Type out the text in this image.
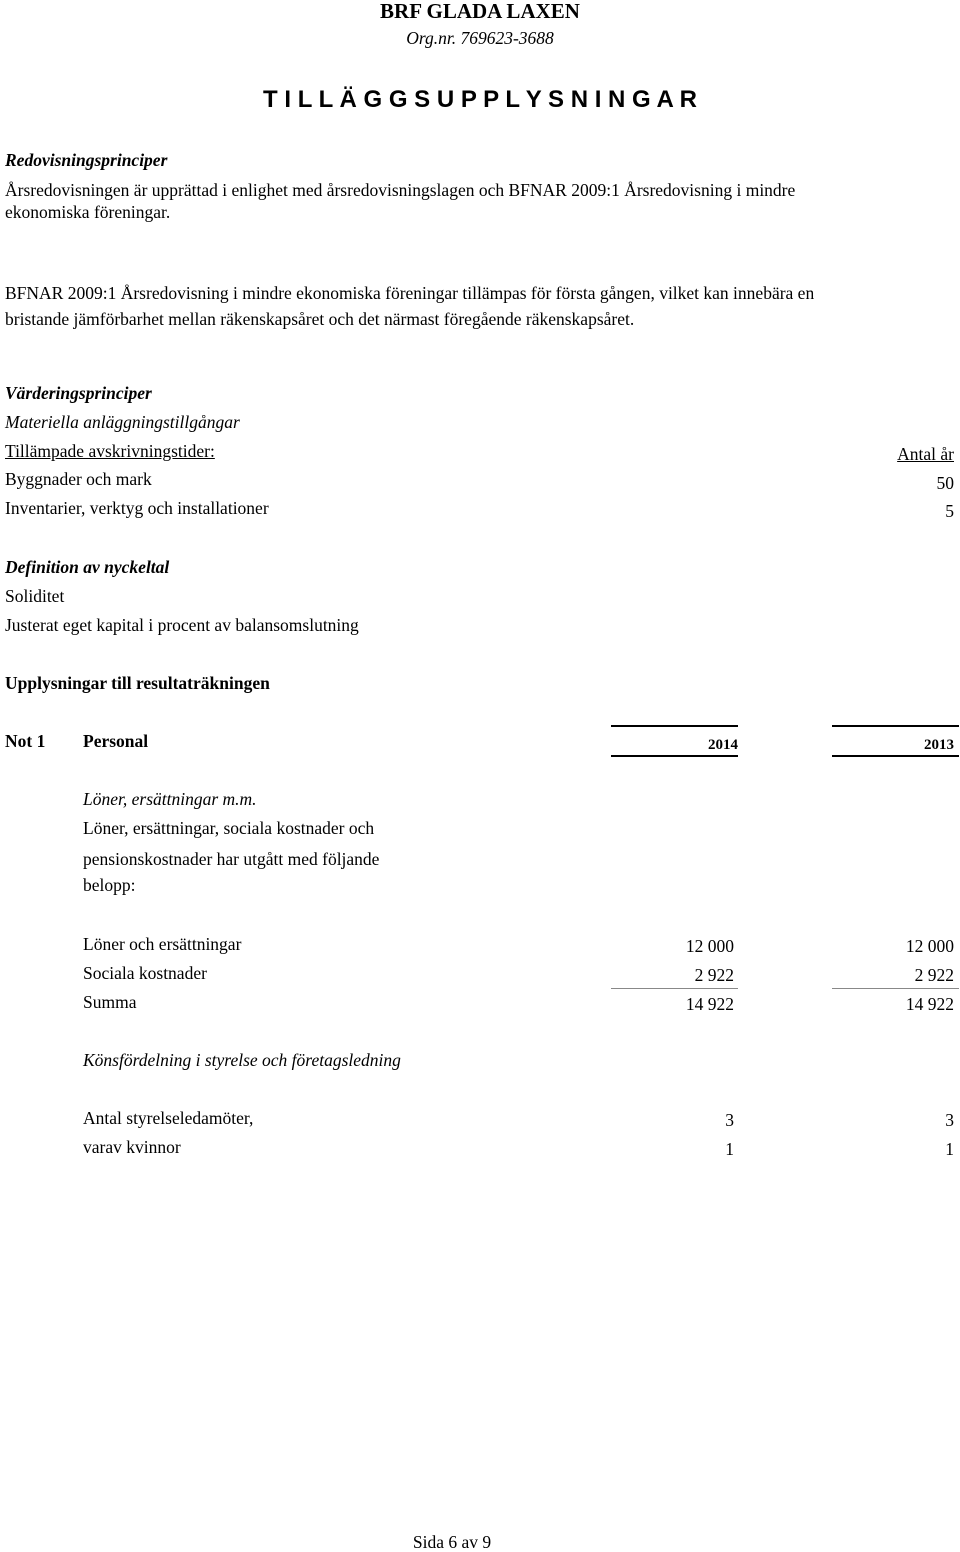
BRF GLADA LAXEN
Org.nr. 769623-3688
T I L L Ä G G S U P P L Y S N I N G A R
Redovisningsprinciper
Årsredovisningen är upprättad i enlighet med årsredovisningslagen och BFNAR 2009:1 Årsredovisning i mindre
ekonomiska föreningar.
BFNAR 2009:1 Årsredovisning i mindre ekonomiska föreningar tillämpas för första gången, vilket kan innebära en
bristande jämförbarhet mellan räkenskapsåret och det närmast föregående räkenskapsåret.
Värderingsprinciper
Materiella anläggningstillgångar
Tillämpade avskrivningstider:	Antal år
Byggnader och mark	50
Inventarier, verktyg och installationer	5
Definition av nyckeltal
Soliditet
Justerat eget kapital i procent av balansomslutning
Upplysningar till resultaträkningen
Not 1 Personal	2014	2013
Löner, ersättningar m.m.
Löner, ersättningar, sociala kostnader och
pensionskostnader har utgått med följande
belopp:
Löner och ersättningar	12 000	12 000
Sociala kostnader	2 922	2 922
Summa	14 922	14 922
Könsfördelning i styrelse och företagsledning
Antal styrelseledamöter,	3	3
varav kvinnor	1	1
Sida 6 av 9
